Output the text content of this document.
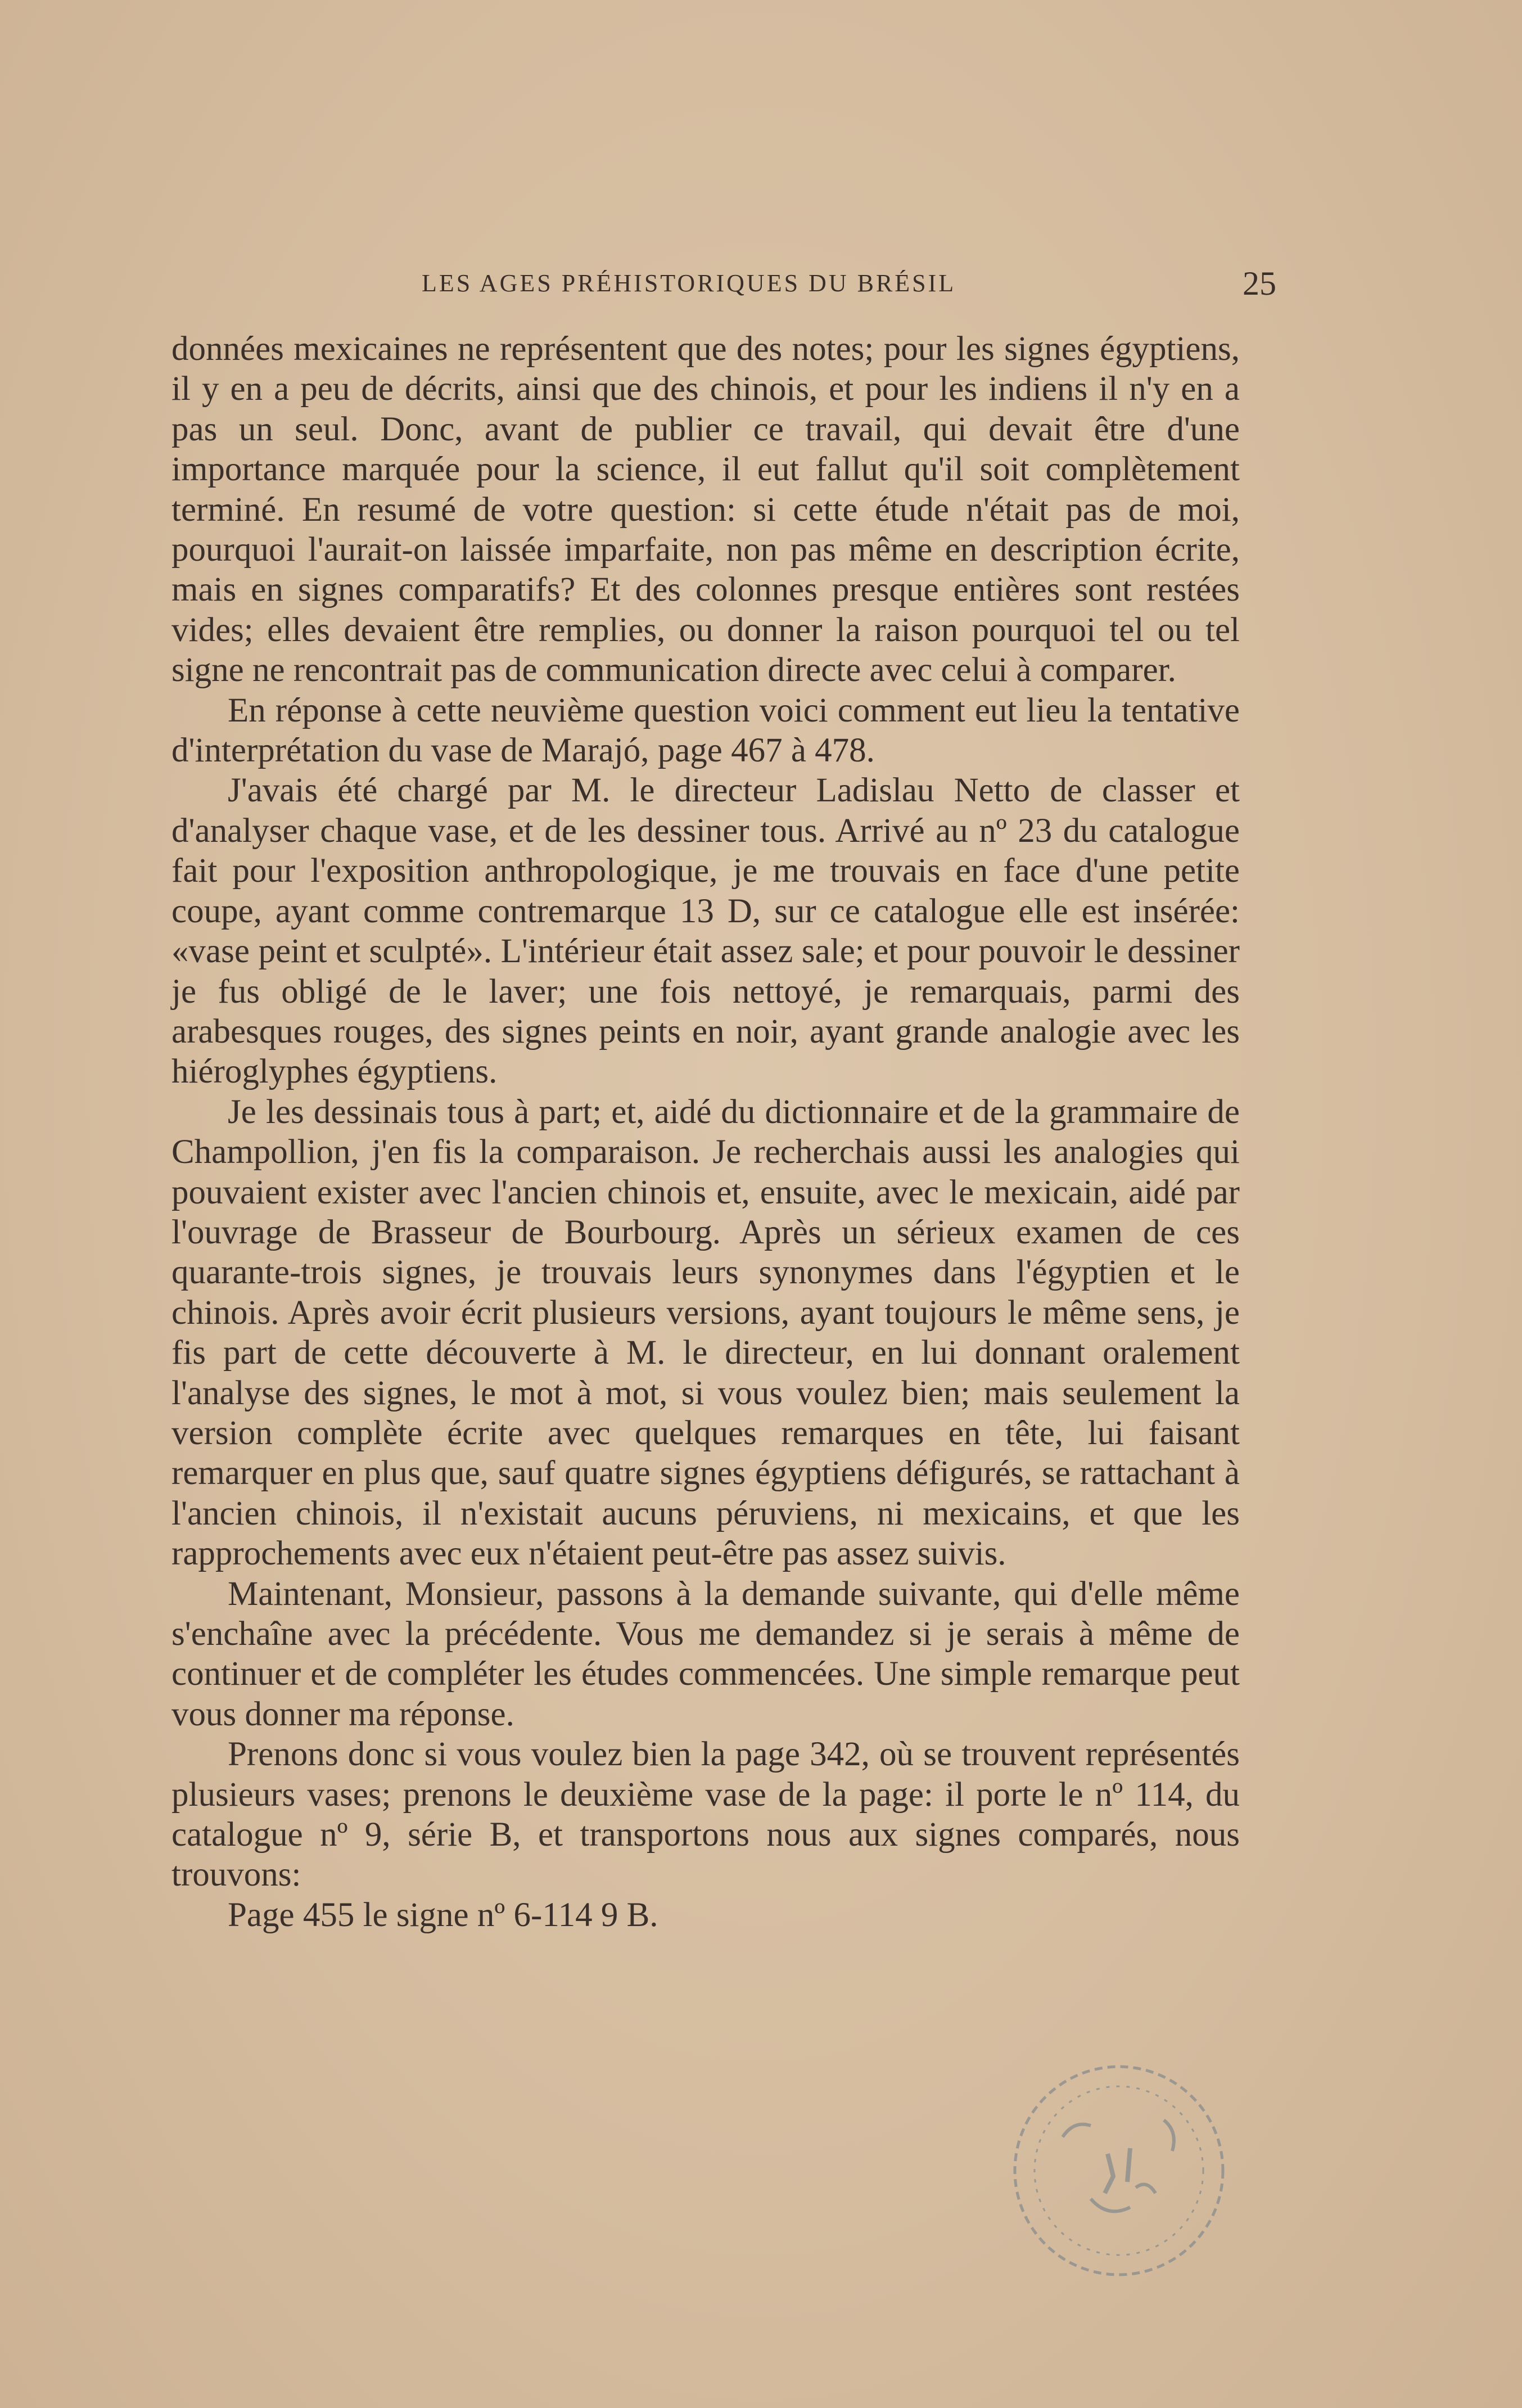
LES AGES PRÉHISTORIQUES DU BRÉSIL	25

données mexicaines ne représentent que des notes; pour les signes égyptiens, il y en a peu de décrits, ainsi que des chinois, et pour les indiens il n'y en a pas un seul. Donc, avant de publier ce travail, qui devait être d'une importance marquée pour la science, il eut fallut qu'il soit complètement terminé. En resumé de votre question: si cette étude n'était pas de moi, pourquoi l'aurait-on laissée imparfaite, non pas même en description écrite, mais en signes comparatifs? Et des colonnes presque entières sont restées vides; elles devaient être remplies, ou donner la raison pourquoi tel ou tel signe ne rencontrait pas de communication directe avec celui à comparer.

En réponse à cette neuvième question voici comment eut lieu la tentative d'interprétation du vase de Marajó, page 467 à 478.

J'avais été chargé par M. le directeur Ladislau Netto de classer et d'analyser chaque vase, et de les dessiner tous. Arrivé au nº 23 du catalogue fait pour l'exposition anthropologique, je me trouvais en face d'une petite coupe, ayant comme contremarque 13 D, sur ce catalogue elle est insérée: «vase peint et sculpté». L'intérieur était assez sale; et pour pouvoir le dessiner je fus obligé de le laver; une fois nettoyé, je remarquais, parmi des arabesques rouges, des signes peints en noir, ayant grande analogie avec les hiéroglyphes égyptiens.

Je les dessinais tous à part; et, aidé du dictionnaire et de la grammaire de Champollion, j'en fis la comparaison. Je recherchais aussi les analogies qui pouvaient exister avec l'ancien chinois et, ensuite, avec le mexicain, aidé par l'ouvrage de Brasseur de Bourbourg. Après un sérieux examen de ces quarante-trois signes, je trouvais leurs synonymes dans l'égyptien et le chinois. Après avoir écrit plusieurs versions, ayant toujours le même sens, je fis part de cette découverte à M. le directeur, en lui donnant oralement l'analyse des signes, le mot à mot, si vous voulez bien; mais seulement la version complète écrite avec quelques remarques en tête, lui faisant remarquer en plus que, sauf quatre signes égyptiens défigurés, se rattachant à l'ancien chinois, il n'existait aucuns péruviens, ni mexicains, et que les rapprochements avec eux n'étaient peut-être pas assez suivis.

Maintenant, Monsieur, passons à la demande suivante, qui d'elle même s'enchaîne avec la précédente. Vous me demandez si je serais à même de continuer et de compléter les études commencées. Une simple remarque peut vous donner ma réponse.

Prenons donc si vous voulez bien la page 342, où se trouvent représentés plusieurs vases; prenons le deuxième vase de la page: il porte le nº 114, du catalogue nº 9, série B, et transportons nous aux signes comparés, nous trouvons:

Page 455 le signe nº 6-114 9 B.
